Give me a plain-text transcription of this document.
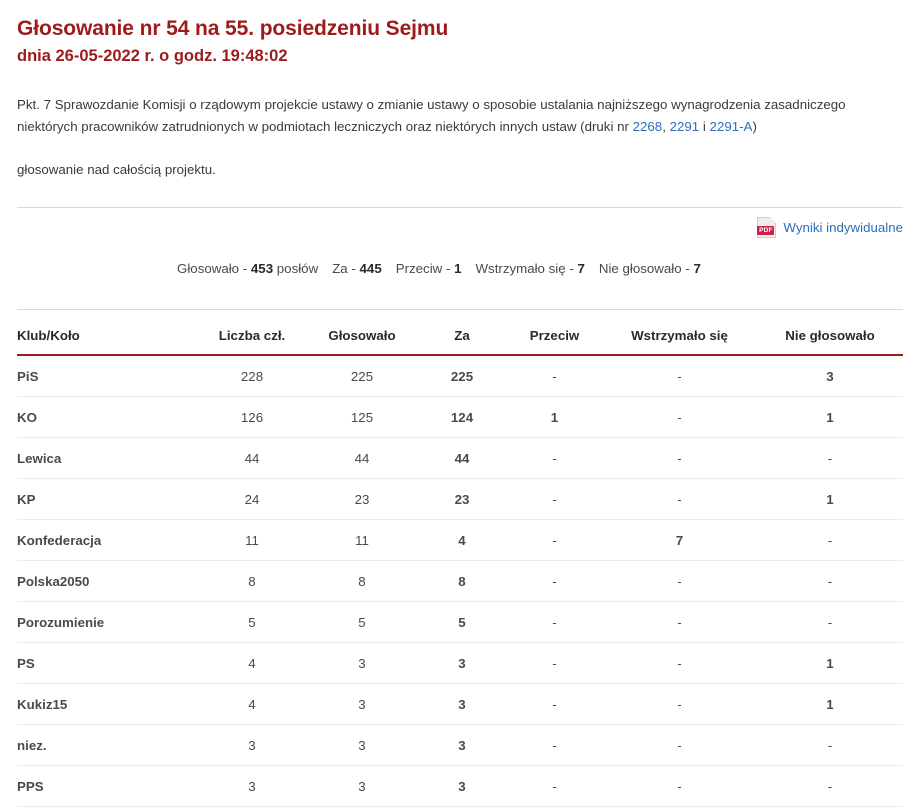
Głosowanie nr 54 na 55. posiedzeniu Sejmu
dnia 26-05-2022 r. o godz. 19:48:02

Pkt. 7 Sprawozdanie Komisji o rządowym projekcie ustawy o zmianie ustawy o sposobie ustalania najniższego wynagrodzenia zasadniczego niektórych pracowników zatrudnionych w podmiotach leczniczych oraz niektórych innych ustaw (druki nr 2268, 2291 i 2291-A)

głosowanie nad całością projektu.

PDF Wyniki indywidualne
Głosowało - 453 posłów Za - 445 Przeciw - 1 Wstrzymało się - 7 Nie głosowało - 7
Klub/Koło	Liczba czł.	Głosowało	Za	Przeciw	Wstrzymało się	Nie głosowało
PiS	228	225	225	-	-	3
KO	126	125	124	1	-	1
Lewica	44	44	44	-	-	-
KP	24	23	23	-	-	1
Konfederacja	11	11	4	-	7	-
Polska2050	8	8	8	-	-	-
Porozumienie	5	5	5	-	-	-
PS	4	3	3	-	-	1
Kukiz15	4	3	3	-	-	1
niez.	3	3	3	-	-	-
PPS	3	3	3	-	-	-
